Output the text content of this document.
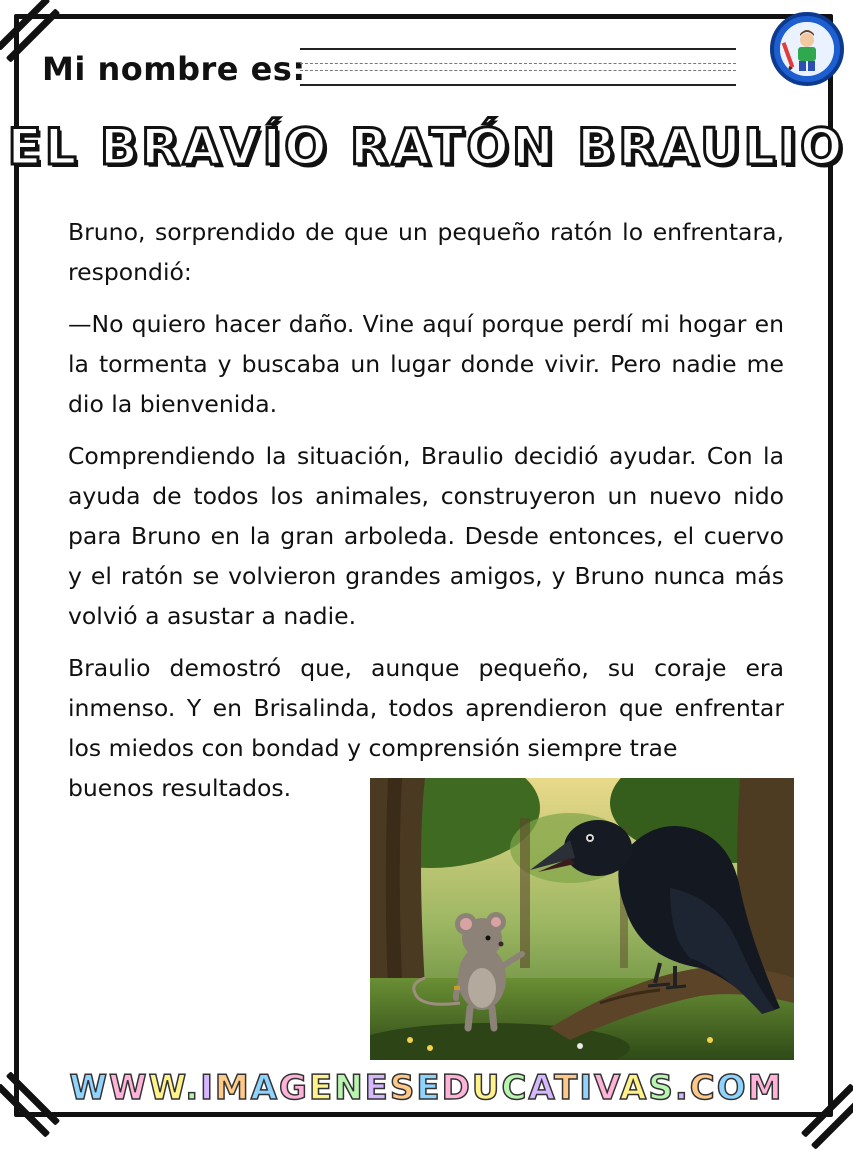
Mi nombre es:
EL BRAVÍO RATÓN BRAULIO

Bruno, sorprendido de que un pequeño ratón lo enfrentara, respondió:

—No quiero hacer daño. Vine aquí porque perdí mi hogar en la tormenta y buscaba un lugar donde vivir. Pero nadie me dio la bienvenida.

Comprendiendo la situación, Braulio decidió ayudar. Con la ayuda de todos los animales, construyeron un nuevo nido para Bruno en la gran arboleda. Desde entonces, el cuervo y el ratón se volvieron grandes amigos, y Bruno nunca más volvió a asustar a nadie.

Braulio demostró que, aunque pequeño, su coraje era inmenso. Y en Brisalinda, todos aprendieron que enfrentar los miedos con bondad y comprensión siempre trae

buenos resultados.

WWW.IMAGENESEDUCATIVAS.COM
